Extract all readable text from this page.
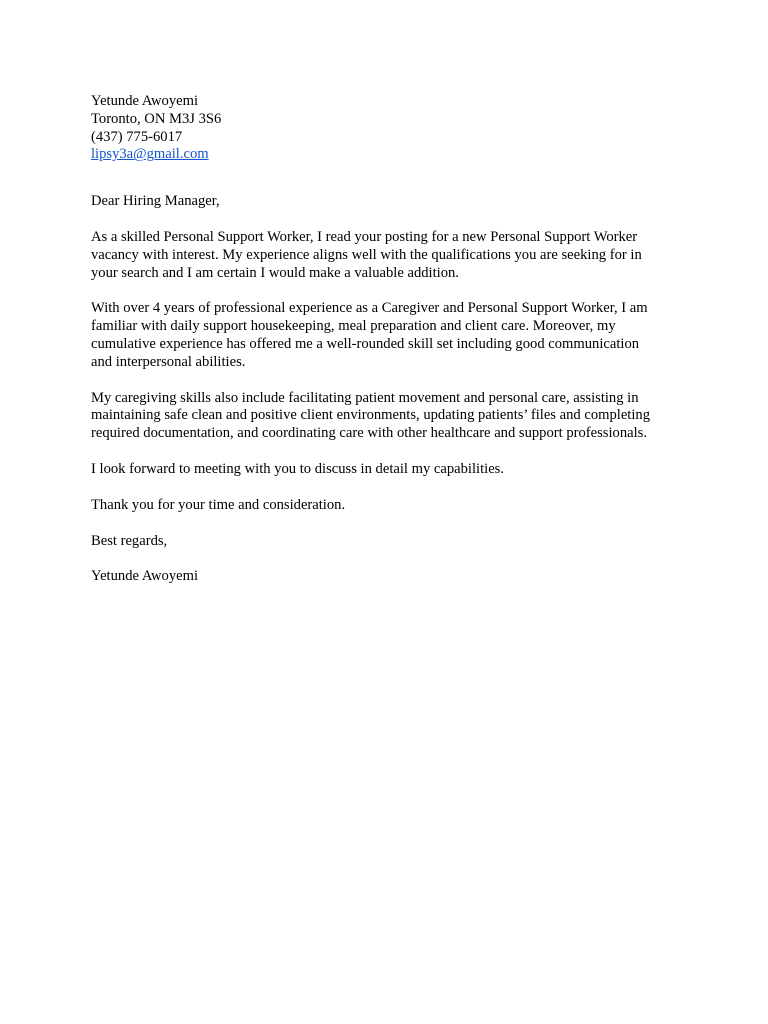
Yetunde Awoyemi
Toronto, ON M3J 3S6
(437) 775-6017
lipsy3a@gmail.com
Dear Hiring Manager,
As a skilled Personal Support Worker, I read your posting for a new Personal Support Worker
vacancy with interest. My experience aligns well with the qualifications you are seeking for in
your search and I am certain I would make a valuable addition.
With over 4 years of professional experience as a Caregiver and Personal Support Worker, I am
familiar with daily support housekeeping, meal preparation and client care. Moreover, my
cumulative experience has offered me a well-rounded skill set including good communication
and interpersonal abilities.
My caregiving skills also include facilitating patient movement and personal care, assisting in
maintaining safe clean and positive client environments, updating patients’ files and completing
required documentation, and coordinating care with other healthcare and support professionals.
I look forward to meeting with you to discuss in detail my capabilities.
Thank you for your time and consideration.
Best regards,
Yetunde Awoyemi
